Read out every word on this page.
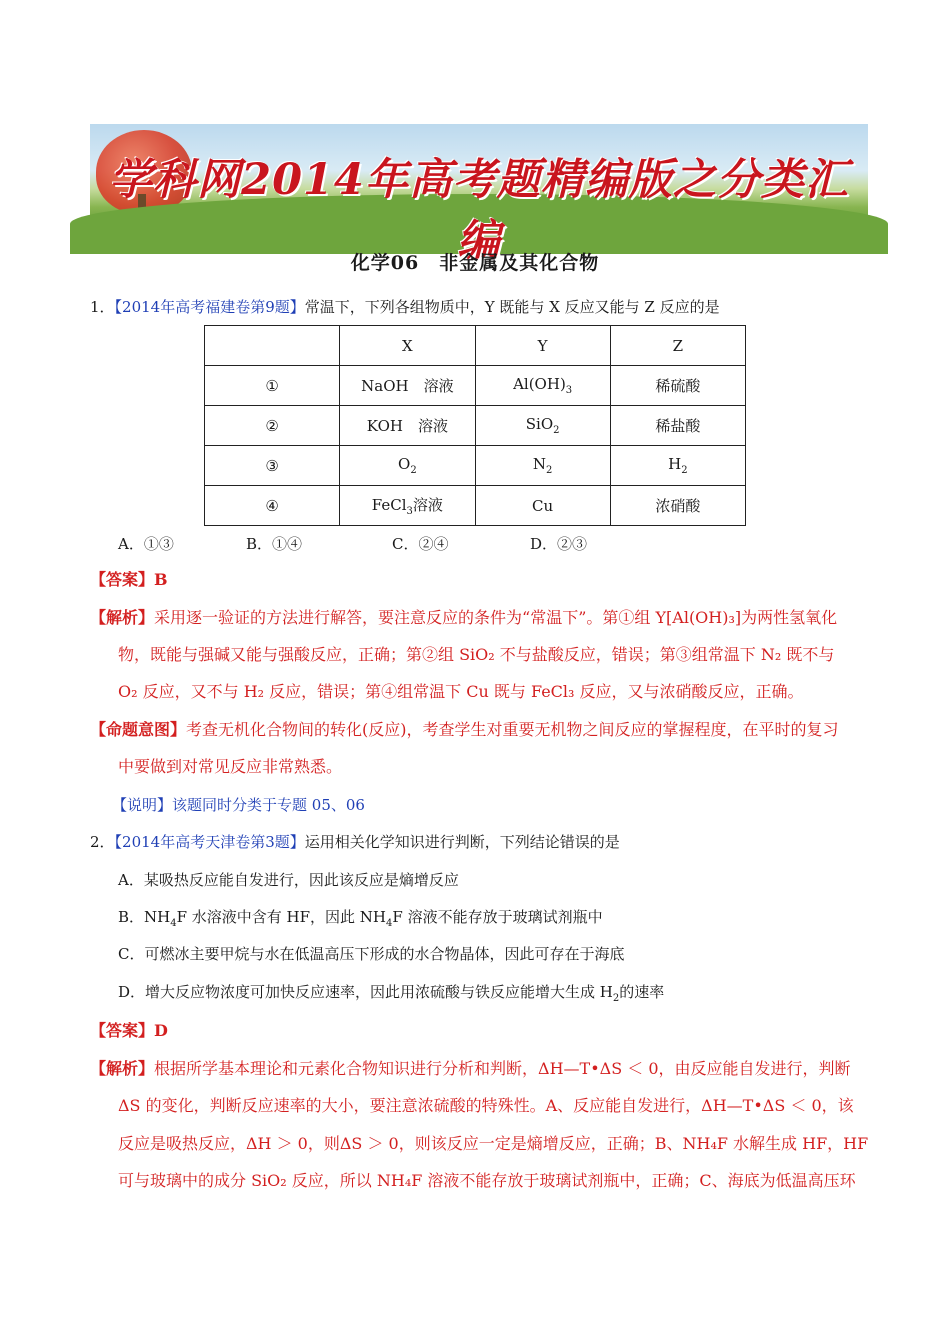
学科网2014年高考题精编版之分类汇编
化学06　非金属及其化合物
1．【2014年高考福建卷第9题】常温下，下列各组物质中，Y 既能与 X 反应又能与 Z 反应的是
	X	Y	Z
①	NaOH　溶液	$Al(OH)_3$	稀硫酸
②	KOH　溶液	SiO$_2$	稀盐酸
③	$O_2$	$N_2$	$H_2$
④	FeCl$_3$溶液	Cu	浓硝酸
A．①③	B．①④	C．②④	D．②③
【答案】B
【解析】采用逐一验证的方法进行解答，要注意反应的条件为“常温下”。第①组 Y[Al(OH)₃]为两性氢氧化
物，既能与强碱又能与强酸反应，正确；第②组 SiO₂ 不与盐酸反应，错误；第③组常温下 N₂ 既不与
O₂ 反应，又不与 H₂ 反应，错误；第④组常温下 Cu 既与 FeCl₃ 反应，又与浓硝酸反应，正确。
【命题意图】考查无机化合物间的转化(反应)，考查学生对重要无机物之间反应的掌握程度，在平时的复习
中要做到对常见反应非常熟悉。
【说明】该题同时分类于专题 05、06
2．【2014年高考天津卷第3题】运用相关化学知识进行判断，下列结论错误的是
A．某吸热反应能自发进行，因此该反应是熵增反应
B．$NH_4F$ 水溶液中含有 HF，因此 $NH_4F$ 溶液不能存放于玻璃试剂瓶中
C．可燃冰主要甲烷与水在低温高压下形成的水合物晶体，因此可存在于海底
D．增大反应物浓度可加快反应速率，因此用浓硫酸与铁反应能增大生成 $H_2$的速率
【答案】D
【解析】根据所学基本理论和元素化合物知识进行分析和判断，ΔH—T•ΔS ＜ 0，由反应能自发进行，判断
ΔS 的变化，判断反应速率的大小，要注意浓硫酸的特殊性。A、反应能自发进行，ΔH—T•ΔS ＜ 0，该
反应是吸热反应，ΔH ＞ 0，则ΔS ＞ 0，则该反应一定是熵增反应，正确；B、NH₄F 水解生成 HF，HF
可与玻璃中的成分 SiO₂ 反应，所以 NH₄F 溶液不能存放于玻璃试剂瓶中，正确；C、海底为低温高压环
